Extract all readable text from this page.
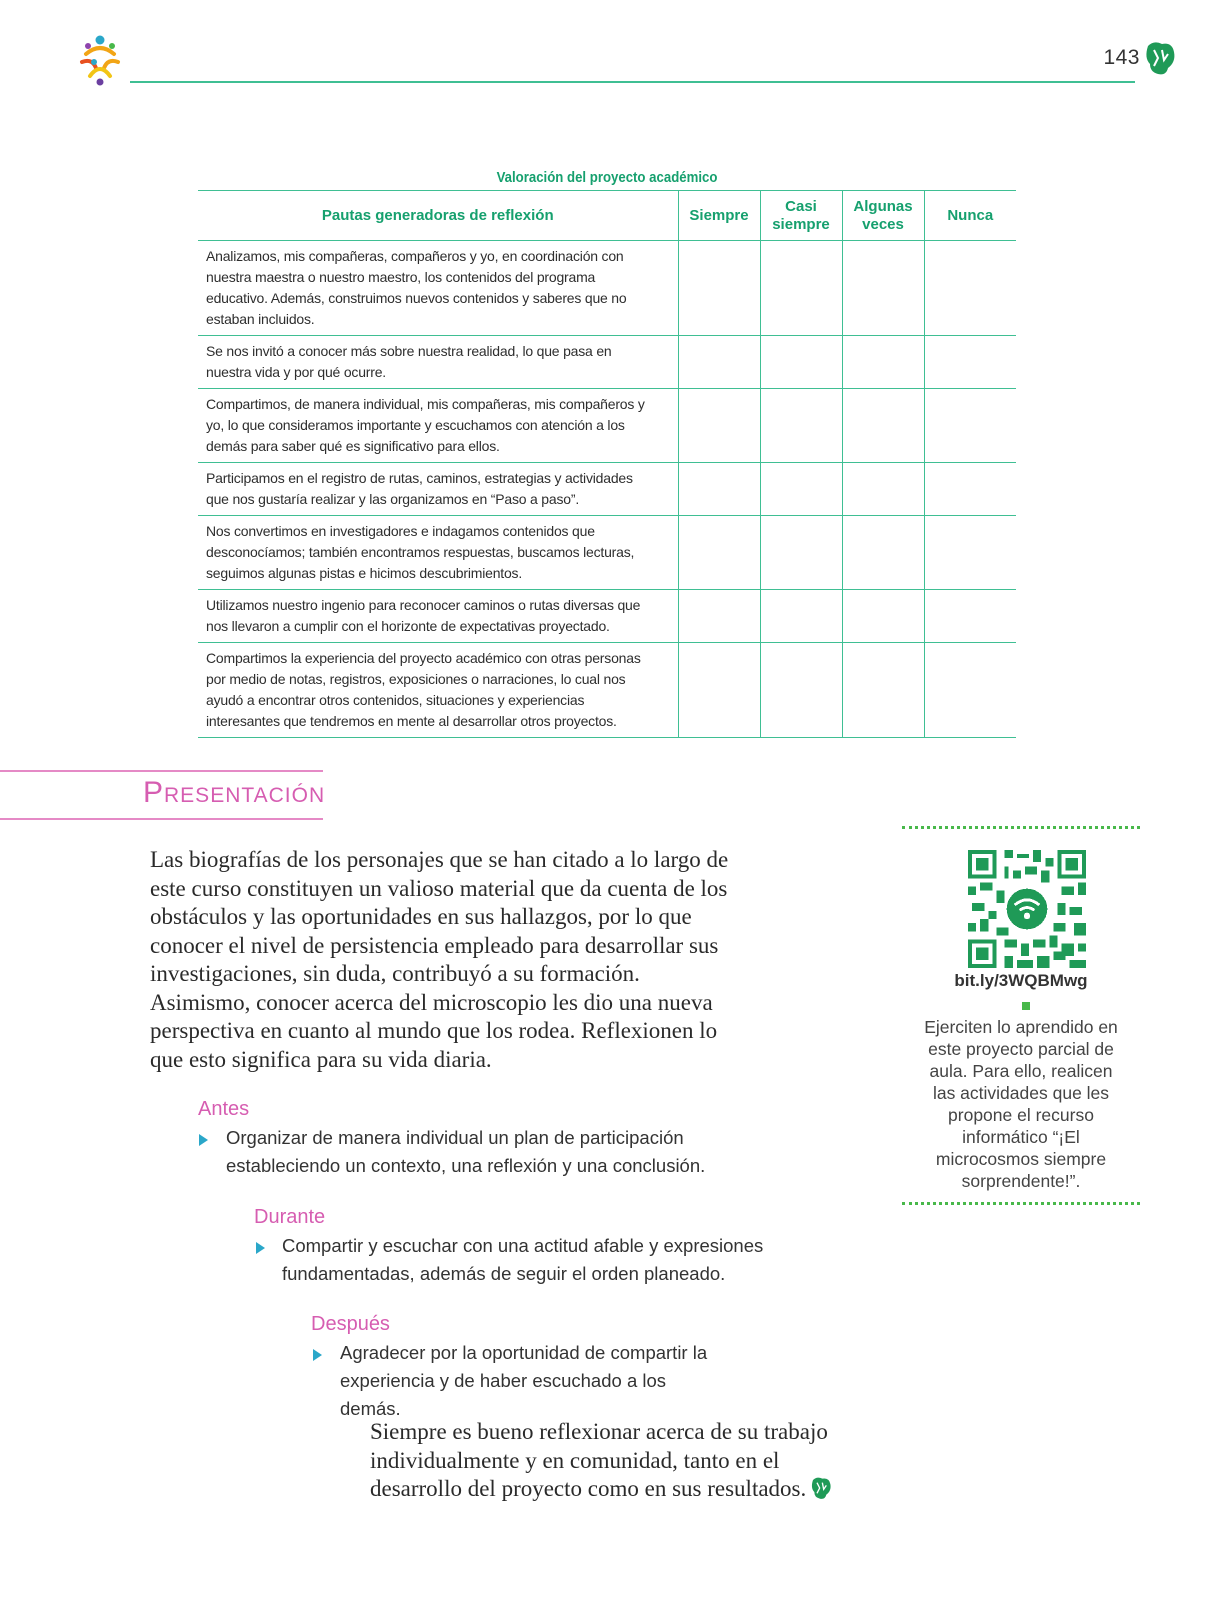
143
Valoración del proyecto académico
Pautas generadoras de reflexión	Siempre	Casi siempre	Algunas veces	Nunca
Analizamos, mis compañeras, compañeros y yo, en coordinación con nuestra maestra o nuestro maestro, los contenidos del programa educativo. Además, construimos nuevos contenidos y saberes que no estaban incluidos.				
Se nos invitó a conocer más sobre nuestra realidad, lo que pasa en nuestra vida y por qué ocurre.				
Compartimos, de manera individual, mis compañeras, mis compañeros y yo, lo que consideramos importante y escuchamos con atención a los demás para saber qué es significativo para ellos.				
Participamos en el registro de rutas, caminos, estrategias y actividades que nos gustaría realizar y las organizamos en “Paso a paso”.				
Nos convertimos en investigadores e indagamos contenidos que desconocíamos; también encontramos respuestas, buscamos lecturas, seguimos algunas pistas e hicimos descubrimientos.				
Utilizamos nuestro ingenio para reconocer caminos o rutas diversas que nos llevaron a cumplir con el horizonte de expectativas proyectado.				
Compartimos la experiencia del proyecto académico con otras personas por medio de notas, registros, exposiciones o narraciones, lo cual nos ayudó a encontrar otros contenidos, situaciones y experiencias interesantes que tendremos en mente al desarrollar otros proyectos.				
Presentación

Las biografías de los personajes que se han citado a lo largo de este curso constituyen un valioso material que da cuenta de los obstáculos y las oportunidades en sus hallazgos, por lo que conocer el nivel de persistencia empleado para desarrollar sus investigaciones, sin duda, contribuyó a su formación. Asimismo, conocer acerca del microscopio les dio una nueva perspectiva en cuanto al mundo que los rodea. Reflexionen lo que esto significa para su vida diaria.

Antes
Organizar de manera individual un plan de participación estableciendo un contexto, una reflexión y una conclusión.
Durante
Compartir y escuchar con una actitud afable y expresiones fundamentadas, además de seguir el orden planeado.
Después
Agradecer por la oportunidad de compartir la experiencia y de haber escuchado a los demás.

Siempre es bueno reflexionar acerca de su trabajo individualmente y en comunidad, tanto en el desarrollo del proyecto como en sus resultados.

bit.ly/3WQBMwg
Ejerciten lo aprendido en este proyecto parcial de aula. Para ello, realicen las actividades que les propone el recurso informático “¡El microcosmos siempre sorprendente!”.
